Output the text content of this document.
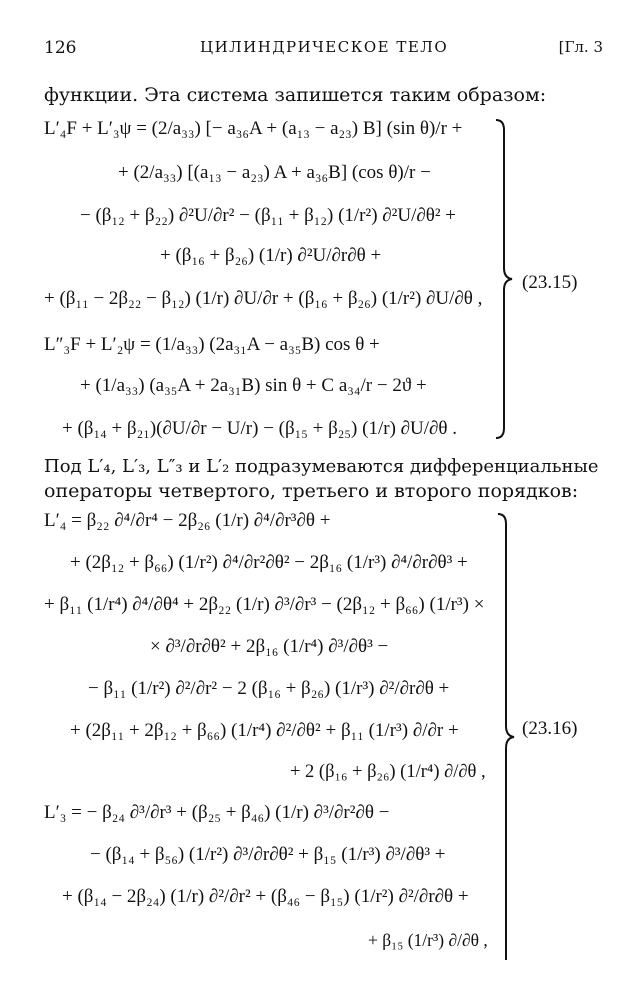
126	ЦИЛИНДРИЧЕСКОЕ ТЕЛО	[Гл. 3
функции. Эта система запишется таким образом:
L′₄F + L′₃ψ = (2/a₃₃) [− a₃₆A + (a₁₃ − a₂₃) B] (sin θ)/r +
+ (2/a₃₃) [(a₁₃ − a₂₃) A + a₃₆B] (cos θ)/r −
− (β₁₂ + β₂₂) ∂²U/∂r² − (β₁₁ + β₁₂) (1/r²) ∂²U/∂θ² +
+ (β₁₆ + β₂₆) (1/r) ∂²U/∂r∂θ +
+ (β₁₁ − 2β₂₂ − β₁₂) (1/r) ∂U/∂r + (β₁₆ + β₂₆) (1/r²) ∂U/∂θ ,
L″₃F + L′₂ψ = (1/a₃₃) (2a₃₁A − a₃₅B) cos θ +
+ (1/a₃₃) (a₃₅A + 2a₃₁B) sin θ + C a₃₄/r − 2ϑ +
+ (β₁₄ + β₂₁)(∂U/∂r − U/r) − (β₁₅ + β₂₅) (1/r) ∂U/∂θ .
(23.15)
Под L′₄, L′₃, L″₃ и L′₂ подразумеваются дифференциальные
операторы четвертого, третьего и второго порядков:
L′₄ = β₂₂ ∂⁴/∂r⁴ − 2β₂₆ (1/r) ∂⁴/∂r³∂θ +
+ (2β₁₂ + β₆₆) (1/r²) ∂⁴/∂r²∂θ² − 2β₁₆ (1/r³) ∂⁴/∂r∂θ³ +
+ β₁₁ (1/r⁴) ∂⁴/∂θ⁴ + 2β₂₂ (1/r) ∂³/∂r³ − (2β₁₂ + β₆₆) (1/r³) ×
× ∂³/∂r∂θ² + 2β₁₆ (1/r⁴) ∂³/∂θ³ −
− β₁₁ (1/r²) ∂²/∂r² − 2 (β₁₆ + β₂₆) (1/r³) ∂²/∂r∂θ +
+ (2β₁₁ + 2β₁₂ + β₆₆) (1/r⁴) ∂²/∂θ² + β₁₁ (1/r³) ∂/∂r +
+ 2 (β₁₆ + β₂₆) (1/r⁴) ∂/∂θ ,
L′₃ = − β₂₄ ∂³/∂r³ + (β₂₅ + β₄₆) (1/r) ∂³/∂r²∂θ −
− (β₁₄ + β₅₆) (1/r²) ∂³/∂r∂θ² + β₁₅ (1/r³) ∂³/∂θ³ +
+ (β₁₄ − 2β₂₄) (1/r) ∂²/∂r² + (β₄₆ − β₁₅) (1/r²) ∂²/∂r∂θ +
+ β₁₅ (1/r³) ∂/∂θ ,
(23.16)
